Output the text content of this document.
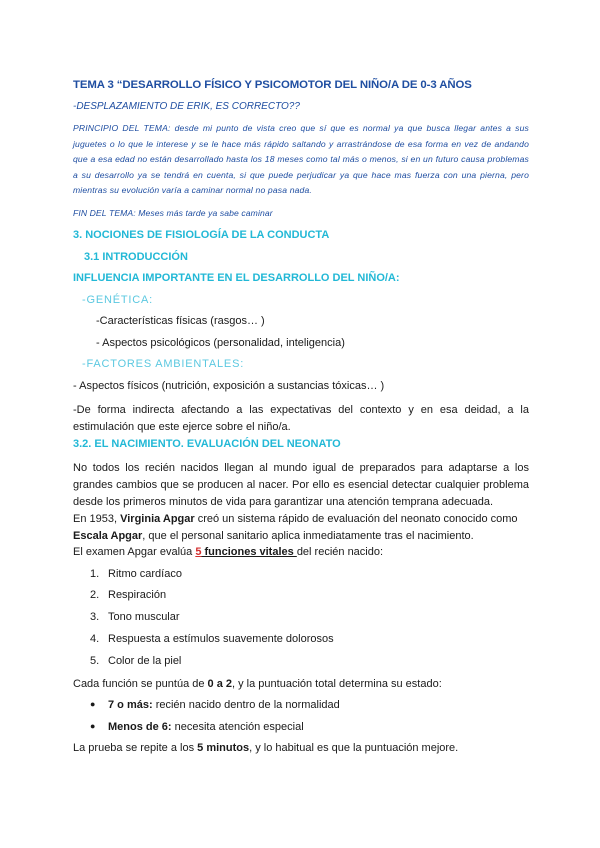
TEMA 3 “DESARROLLO FÍSICO Y PSICOMOTOR DEL NIÑO/A DE 0-3 AÑOS

-DESPLAZAMIENTO DE ERIK, ES CORRECTO??

PRINCIPIO DEL TEMA: desde mi punto de vista creo que sí que es normal ya que busca llegar antes a sus juguetes o lo que le interese y se le hace más rápido saltando y arrastrándose de esa forma en vez de andando que a esa edad no están desarrollado hasta los 18 meses como tal más o menos, si en un futuro causa problemas a su desarrollo ya se tendrá en cuenta, si que puede perjudicar ya que hace mas fuerza con una pierna, pero mientras su evolución varía a caminar normal no pasa nada.

FIN DEL TEMA: Meses más tarde ya sabe caminar

3. NOCIONES DE FISIOLOGÍA DE LA CONDUCTA

3.1 INTRODUCCIÓN

INFLUENCIA IMPORTANTE EN EL DESARROLLO DEL NIÑO/A:

-GENÉTICA:

-Características físicas (rasgos… )

- Aspectos psicológicos (personalidad, inteligencia)

-FACTORES AMBIENTALES:

- Aspectos físicos (nutrición, exposición a sustancias tóxicas… )

-De forma indirecta afectando a las expectativas del contexto y en esa deidad, a la estimulación que este ejerce sobre el niño/a.

3.2. EL NACIMIENTO. EVALUACIÓN DEL NEONATO

No todos los recién nacidos llegan al mundo igual de preparados para adaptarse a los grandes cambios que se producen al nacer. Por ello es esencial detectar cualquier problema desde los primeros minutos de vida para garantizar una atención temprana adecuada.

En 1953, Virginia Apgar creó un sistema rápido de evaluación del neonato conocido como Escala Apgar, que el personal sanitario aplica inmediatamente tras el nacimiento.

El examen Apgar evalúa 5 funciones vitales del recién nacido:

1. Ritmo cardíaco
2. Respiración
3. Tono muscular
4. Respuesta a estímulos suavemente dolorosos
5. Color de la piel

Cada función se puntúa de 0 a 2, y la puntuación total determina su estado:

● 7 o más: recién nacido dentro de la normalidad

● Menos de 6: necesita atención especial

La prueba se repite a los 5 minutos, y lo habitual es que la puntuación mejore.
